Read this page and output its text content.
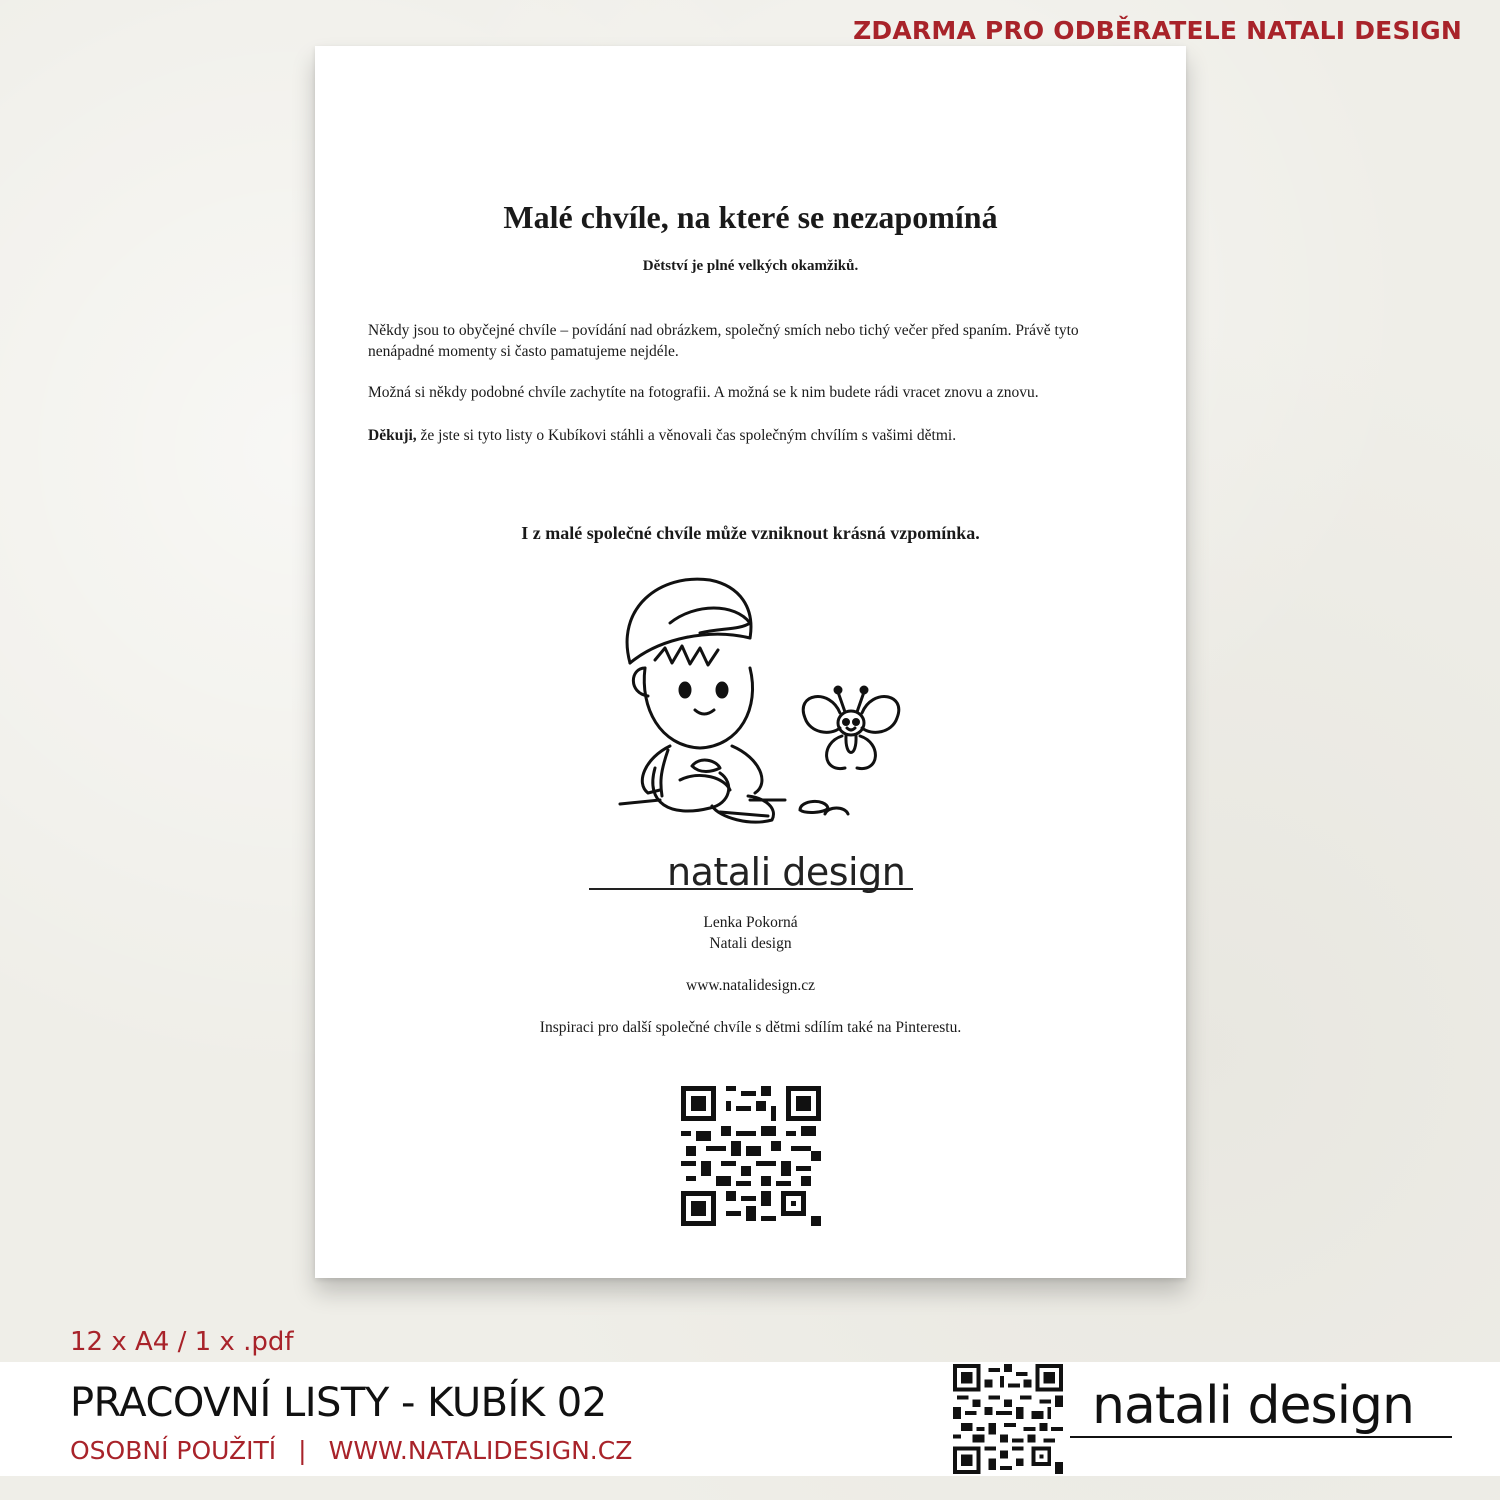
ZDARMA PRO ODBĚRATELE NATALI DESIGN
Malé chvíle, na které se nezapomíná
Dětství je plné velkých okamžiků.
Někdy jsou to obyčejné chvíle – povídání nad obrázkem, společný smích nebo tichý večer před spaním. Právě tyto nenápadné momenty si často pamatujeme nejdéle.
Možná si někdy podobné chvíle zachytíte na fotografii. A možná se k nim budete rádi vracet znovu a znovu.
Děkuji, že jste si tyto listy o Kubíkovi stáhli a věnovali čas společným chvílím s vašimi dětmi.
I z malé společné chvíle může vzniknout krásná vzpomínka.
natali design
Lenka Pokorná
Natali design
www.natalidesign.cz
Inspiraci pro další společné chvíle s dětmi sdílím také na Pinterestu.
12 x A4 / 1 x .pdf
PRACOVNÍ LISTY - KUBÍK 02
OSOBNÍ POUŽITÍ | WWW.NATALIDESIGN.CZ
natali design
